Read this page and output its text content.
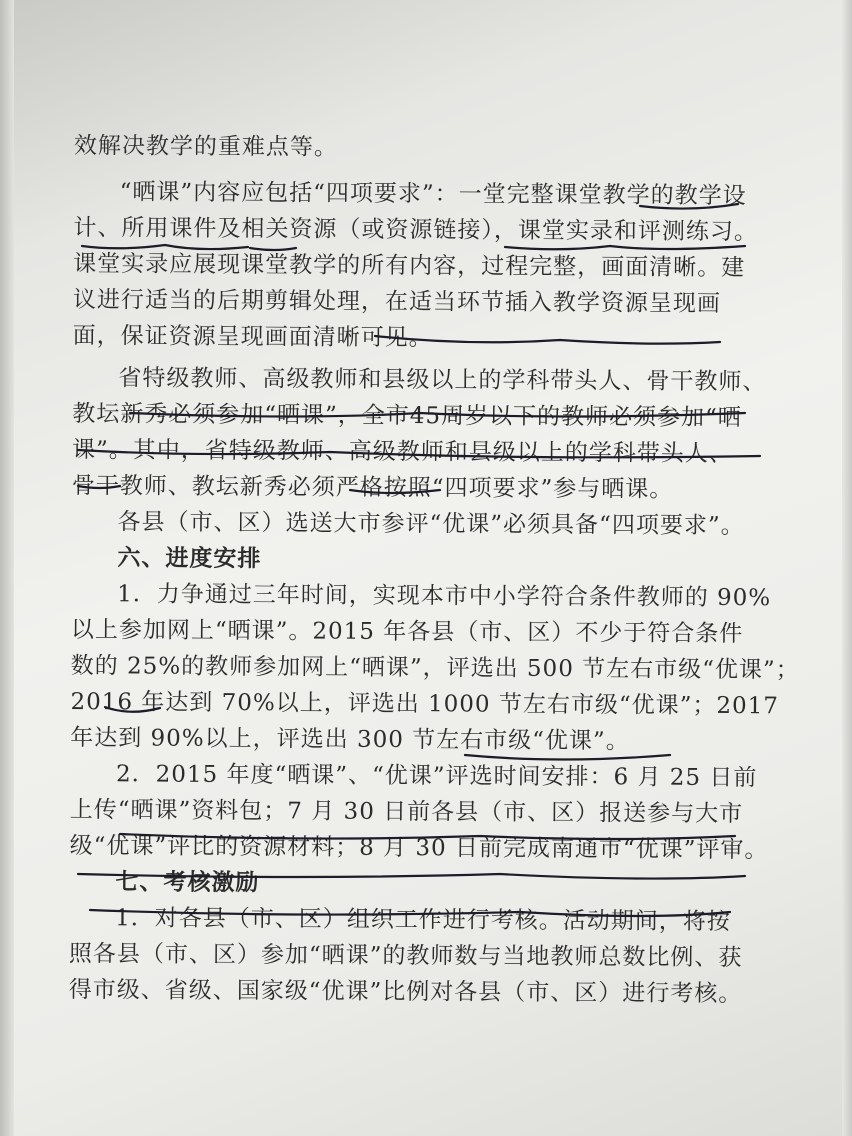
效解决教学的重难点等。
“晒课”内容应包括“四项要求”：一堂完整课堂教学的教学设
计、所用课件及相关资源（或资源链接），课堂实录和评测练习。
课堂实录应展现课堂教学的所有内容，过程完整，画面清晰。建
议进行适当的后期剪辑处理，在适当环节插入教学资源呈现画
面，保证资源呈现画面清晰可见。
省特级教师、高级教师和县级以上的学科带头人、骨干教师、
教坛新秀必须参加“晒课”，全市45周岁以下的教师必须参加“晒
课”。其中，省特级教师、高级教师和县级以上的学科带头人、
骨干教师、教坛新秀必须严格按照“四项要求”参与晒课。
各县（市、区）选送大市参评“优课”必须具备“四项要求”。
六、进度安排
1．力争通过三年时间，实现本市中小学符合条件教师的 90%
以上参加网上“晒课”。2015 年各县（市、区）不少于符合条件
数的 25%的教师参加网上“晒课”，评选出 500 节左右市级“优课”；
2016 年达到 70%以上，评选出 1000 节左右市级“优课”；2017
年达到 90%以上，评选出 300 节左右市级“优课”。
2．2015 年度“晒课”、“优课”评选时间安排：6 月 25 日前
上传“晒课”资料包；7 月 30 日前各县（市、区）报送参与大市
级“优课”评比的资源材料；8 月 30 日前完成南通市“优课”评审。
七、考核激励
1．对各县（市、区）组织工作进行考核。活动期间，将按
照各县（市、区）参加“晒课”的教师数与当地教师总数比例、获
得市级、省级、国家级“优课”比例对各县（市、区）进行考核。
